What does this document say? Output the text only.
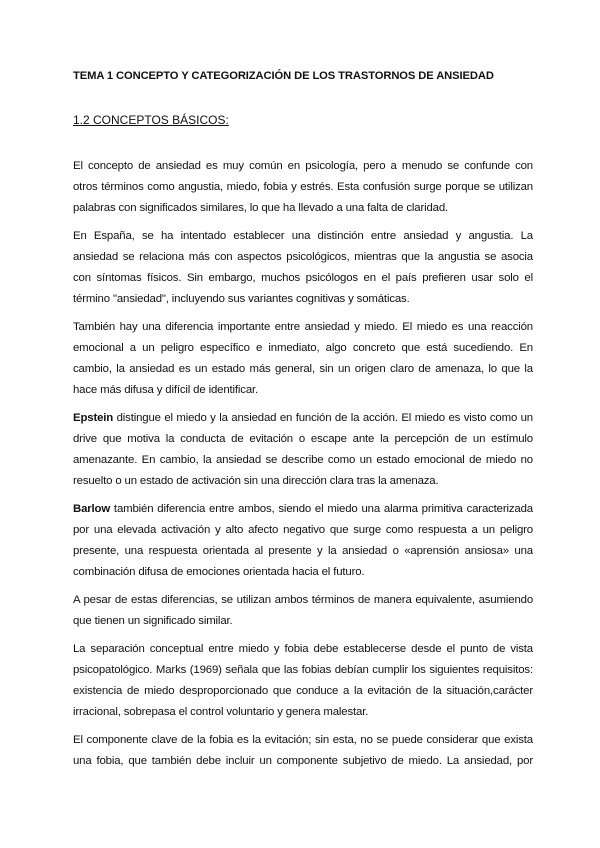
TEMA 1 CONCEPTO Y CATEGORIZACIÓN DE LOS TRASTORNOS DE ANSIEDAD
1.2 CONCEPTOS BÁSICOS:
El concepto de ansiedad es muy común en psicología, pero a menudo se confunde con
otros términos como angustia, miedo, fobia y estrés. Esta confusión surge porque se utilizan
palabras con significados similares, lo que ha llevado a una falta de claridad.
En España, se ha intentado establecer una distinción entre ansiedad y angustia. La
ansiedad se relaciona más con aspectos psicológicos, mientras que la angustia se asocia
con síntomas físicos. Sin embargo, muchos psicólogos en el país prefieren usar solo el
término "ansiedad", incluyendo sus variantes cognitivas y somáticas.
También hay una diferencia importante entre ansiedad y miedo. El miedo es una reacción
emocional a un peligro específico e inmediato, algo concreto que está sucediendo. En
cambio, la ansiedad es un estado más general, sin un origen claro de amenaza, lo que la
hace más difusa y difícil de identificar.
Epstein distingue el miedo y la ansiedad en función de la acción. El miedo es visto como un
drive que motiva la conducta de evitación o escape ante la percepción de un estímulo
amenazante. En cambio, la ansiedad se describe como un estado emocional de miedo no
resuelto o un estado de activación sin una dirección clara tras la amenaza.
Barlow también diferencia entre ambos, siendo el miedo una alarma primitiva caracterizada
por una elevada activación y alto afecto negativo que surge como respuesta a un peligro
presente, una respuesta orientada al presente y la ansiedad o «aprensión ansiosa» una
combinación difusa de emociones orientada hacia el futuro.
A pesar de estas diferencias, se utilizan ambos términos de manera equivalente, asumiendo
que tienen un significado similar.
La separación conceptual entre miedo y fobia debe establecerse desde el punto de vista
psicopatológico. Marks (1969) señala que las fobias debían cumplir los siguientes requisitos:
existencia de miedo desproporcionado que conduce a la evitación de la situación,carácter
irracional, sobrepasa el control voluntario y genera malestar.
El componente clave de la fobia es la evitación; sin esta, no se puede considerar que exista
una fobia, que también debe incluir un componente subjetivo de miedo. La ansiedad, por
